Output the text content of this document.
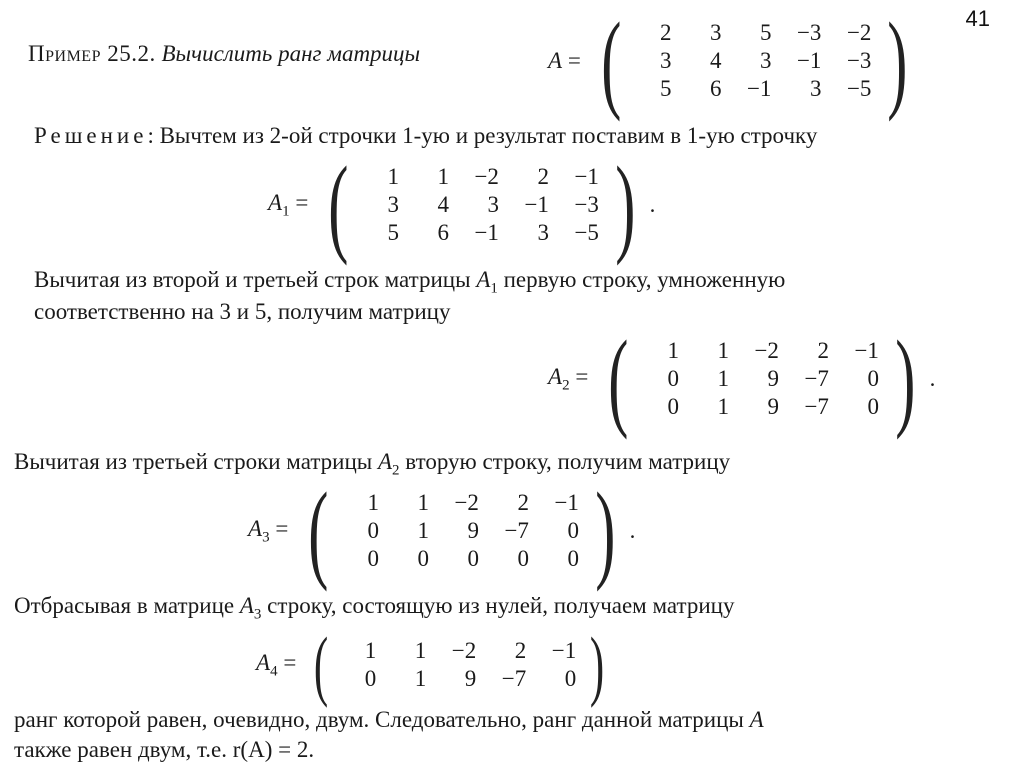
41
Пример 25.2. Вычислить ранг матрицы	A = (	2	3	5	−3	−2
3	4	3	−1	−3
5	6	−1	3	−5 )
Решение: Вычтем из 2-ой строчки 1-ую и результат поставим в 1-ую строчку
$A_1$ = (	1	1	−2	2	−1
3	4	3	−1	−3
5	6	−1	3	−5 ) .
Вычитая из второй и третьей строк матрицы $A_1$ первую строку, умноженную
соответственно на 3 и 5, получим матрицу
$A_2$ = (	1	1	−2	2	−1
0	1	9	−7	0
0	1	9	−7	0 ) .
Вычитая из третьей строки матрицы $A_2$ вторую строку, получим матрицу
$A_3$ = (	1	1	−2	2	−1
0	1	9	−7	0
0	0	0	0	0 ) .
Отбрасывая в матрице $A_3$ строку, состоящую из нулей, получаем матрицу
$A_4$ = (	1	1	−2	2	−1
0	1	9	−7	0 )
ранг которой равен, очевидно, двум. Следовательно, ранг данной матрицы A
также равен двум, т.е. r(A) = 2.
